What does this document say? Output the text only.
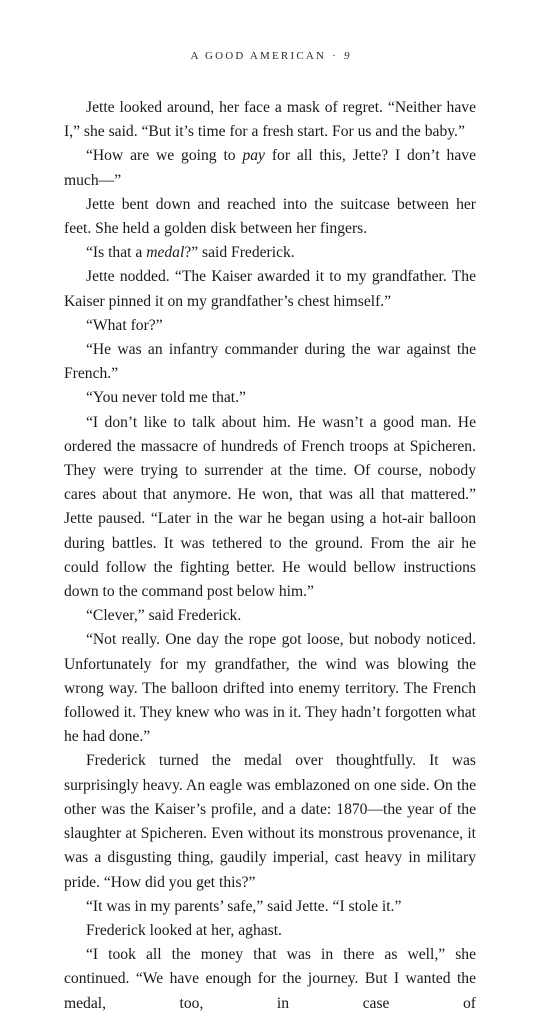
A GOOD AMERICAN · 9

Jette looked around, her face a mask of regret. “Neither have I,” she said. “But it’s time for a fresh start. For us and the baby.”

“How are we going to pay for all this, Jette? I don’t have much—”

Jette bent down and reached into the suitcase between her feet. She held a golden disk between her fingers.

“Is that a medal?” said Frederick.

Jette nodded. “The Kaiser awarded it to my grandfather. The Kaiser pinned it on my grandfather’s chest himself.”

“What for?”

“He was an infantry commander during the war against the French.”

“You never told me that.”

“I don’t like to talk about him. He wasn’t a good man. He ordered the massacre of hundreds of French troops at Spicheren. They were trying to surrender at the time. Of course, nobody cares about that anymore. He won, that was all that mattered.” Jette paused. “Later in the war he began using a hot-air balloon during battles. It was tethered to the ground. From the air he could follow the fighting better. He would bellow instructions down to the command post below him.”

“Clever,” said Frederick.

“Not really. One day the rope got loose, but nobody noticed. Unfortunately for my grandfather, the wind was blowing the wrong way. The balloon drifted into enemy territory. The French followed it. They knew who was in it. They hadn’t forgotten what he had done.”

Frederick turned the medal over thoughtfully. It was surprisingly heavy. An eagle was emblazoned on one side. On the other was the Kaiser’s profile, and a date: 1870—the year of the slaughter at Spicheren. Even without its monstrous provenance, it was a disgusting thing, gaudily imperial, cast heavy in military pride. “How did you get this?”

“It was in my parents’ safe,” said Jette. “I stole it.”

Frederick looked at her, aghast.

“I took all the money that was in there as well,” she continued. “We have enough for the journey. But I wanted the medal, too, in case of
